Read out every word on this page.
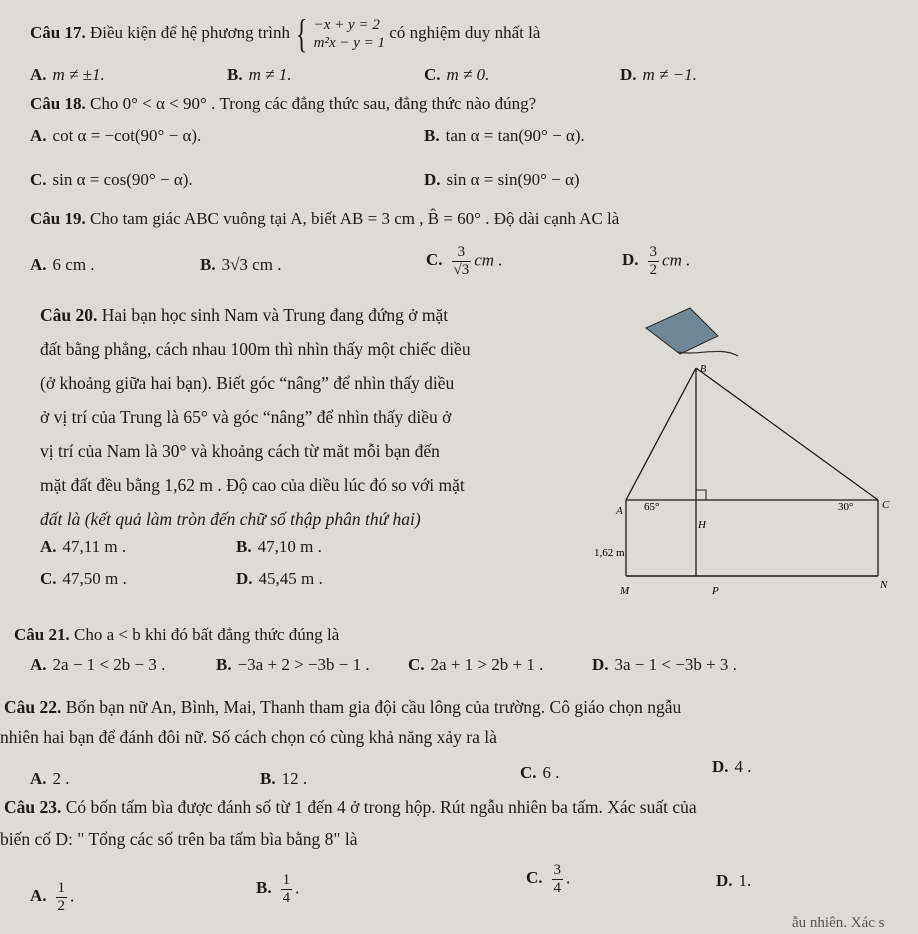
Câu 17. Điều kiện để hệ phương trình { −x + y = 2
m²x − y = 1 có nghiệm duy nhất là
A. m ≠ ±1.	B. m ≠ 1.	C. m ≠ 0.	D. m ≠ −1.
Câu 18. Cho 0° < α < 90° . Trong các đẳng thức sau, đẳng thức nào đúng?
A. cot α = −cot(90° − α).	B. tan α = tan(90° − α).
C. sin α = cos(90° − α).	D. sin α = sin(90° − α)
Câu 19. Cho tam giác ABC vuông tại A, biết AB = 3 cm , B̂ = 60° . Độ dài cạnh AC là
A. 6 cm .	B. 3√3 cm .	C. $\frac{3}{√3}$ cm .	D. $\frac{3}{2}$ cm .
Câu 20. Hai bạn học sinh Nam và Trung đang đứng ở mặt
đất bằng phẳng, cách nhau 100m thì nhìn thấy một chiếc diều
(ở khoảng giữa hai bạn). Biết góc “nâng” để nhìn thấy diều
ở vị trí của Trung là 65° và góc “nâng” để nhìn thấy diều ở
vị trí của Nam là 30° và khoảng cách từ mắt mỗi bạn đến
mặt đất đều bằng 1,62 m . Độ cao của diều lúc đó so với mặt
đất là (kết quả làm tròn đến chữ số thập phân thứ hai)
A. 47,11 m .	B. 47,10 m .
C. 47,50 m .	D. 45,45 m .
B
A	C
H
M	P	N
65°	30°
1,62 m
Câu 21. Cho a < b khi đó bất đẳng thức đúng là
A. 2a − 1 < 2b − 3 .	B. −3a + 2 > −3b − 1 . C. 2a + 1 > 2b + 1 .	D. 3a − 1 < −3b + 3 .
Câu 22. Bốn bạn nữ An, Bình, Mai, Thanh tham gia đội cầu lông của trường. Cô giáo chọn ngẫu
nhiên hai bạn để đánh đôi nữ. Số cách chọn có cùng khả năng xảy ra là
A. 2 .	B. 12 .	C. 6 .	D. 4 .
Câu 23. Có bốn tấm bìa được đánh số từ 1 đến 4 ở trong hộp. Rút ngẫu nhiên ba tấm. Xác suất của
biến cố D: " Tổng các số trên ba tấm bìa bằng 8" là
A. $\frac{1}{2}$ .	B. $\frac{1}{4}$ .
C. $\frac{3}{4}$ .	D. 1.
ẫu nhiên. Xác s
